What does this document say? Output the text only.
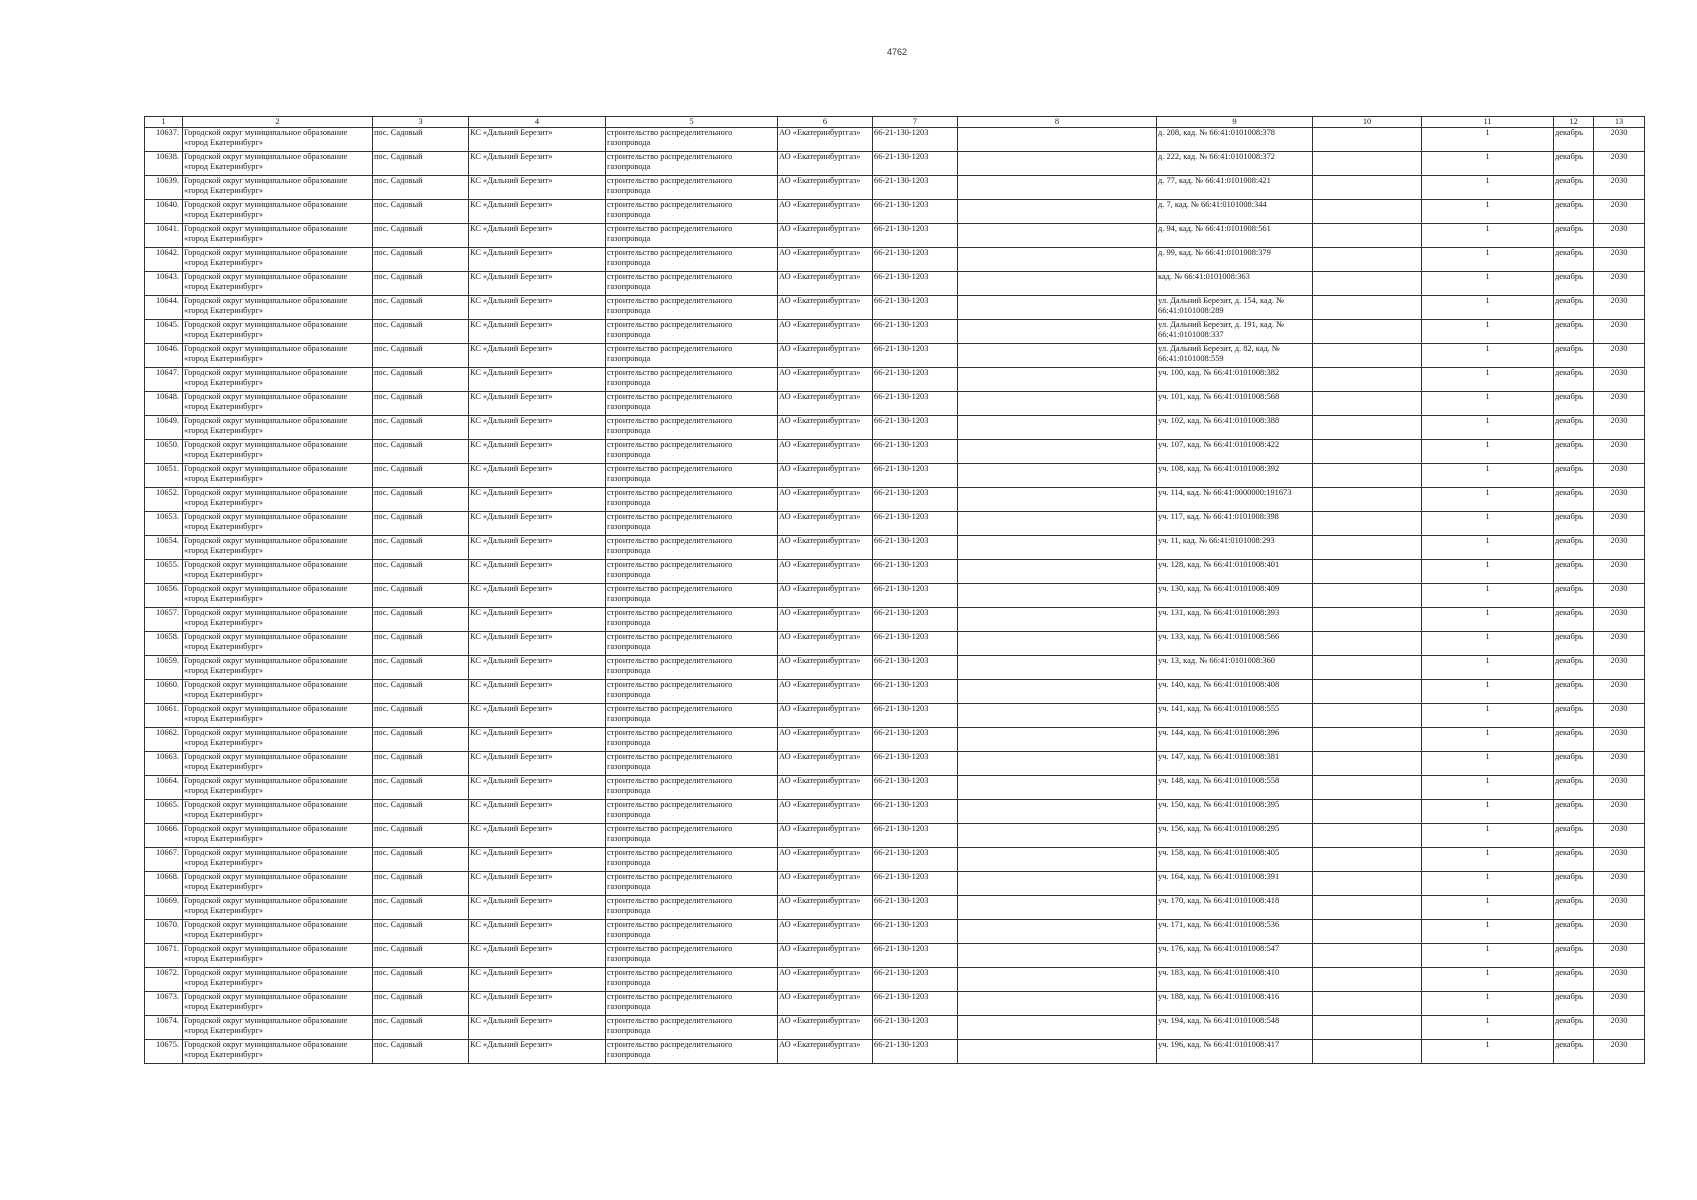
4762
1	2	3	4	5	6	7	8	9	10	11	12	13
10637.	Городской округ муниципальное образование «город Екатеринбург»	пос. Садовый	КС «Дальний Березит»	строительство распределительного газопровода	АО «Екатеринбурггаз»	66-21-130-1203		д. 208, кад. № 66:41:0101008:378		1	декабрь	2030
10638.	Городской округ муниципальное образование «город Екатеринбург»	пос. Садовый	КС «Дальний Березит»	строительство распределительного газопровода	АО «Екатеринбурггаз»	66-21-130-1203		д. 222, кад. № 66:41:0101008:372		1	декабрь	2030
10639.	Городской округ муниципальное образование «город Екатеринбург»	пос. Садовый	КС «Дальний Березит»	строительство распределительного газопровода	АО «Екатеринбурггаз»	66-21-130-1203		д. 77, кад. № 66:41:0101008:421		1	декабрь	2030
10640.	Городской округ муниципальное образование «город Екатеринбург»	пос. Садовый	КС «Дальний Березит»	строительство распределительного газопровода	АО «Екатеринбурггаз»	66-21-130-1203		д. 7, кад. № 66:41:0101008:344		1	декабрь	2030
10641.	Городской округ муниципальное образование «город Екатеринбург»	пос. Садовый	КС «Дальний Березит»	строительство распределительного газопровода	АО «Екатеринбурггаз»	66-21-130-1203		д. 94, кад. № 66:41:0101008:561		1	декабрь	2030
10642.	Городской округ муниципальное образование «город Екатеринбург»	пос. Садовый	КС «Дальний Березит»	строительство распределительного газопровода	АО «Екатеринбурггаз»	66-21-130-1203		д. 99, кад. № 66:41:0101008:379		1	декабрь	2030
10643.	Городской округ муниципальное образование «город Екатеринбург»	пос. Садовый	КС «Дальний Березит»	строительство распределительного газопровода	АО «Екатеринбурггаз»	66-21-130-1203		кад. № 66:41:0101008:363		1	декабрь	2030
10644.	Городской округ муниципальное образование «город Екатеринбург»	пос. Садовый	КС «Дальний Березит»	строительство распределительного газопровода	АО «Екатеринбурггаз»	66-21-130-1203		ул. Дальний Березит, д. 154, кад. № 66:41:0101008:289		1	декабрь	2030
10645.	Городской округ муниципальное образование «город Екатеринбург»	пос. Садовый	КС «Дальний Березит»	строительство распределительного газопровода	АО «Екатеринбурггаз»	66-21-130-1203		ул. Дальний Березит, д. 191, кад. № 66:41:0101008:337		1	декабрь	2030
10646.	Городской округ муниципальное образование «город Екатеринбург»	пос. Садовый	КС «Дальний Березит»	строительство распределительного газопровода	АО «Екатеринбурггаз»	66-21-130-1203		ул. Дальний Березит, д. 82, кад. № 66:41:0101008:559		1	декабрь	2030
10647.	Городской округ муниципальное образование «город Екатеринбург»	пос. Садовый	КС «Дальний Березит»	строительство распределительного газопровода	АО «Екатеринбурггаз»	66-21-130-1203		уч. 100, кад. № 66:41:0101008:382		1	декабрь	2030
10648.	Городской округ муниципальное образование «город Екатеринбург»	пос. Садовый	КС «Дальний Березит»	строительство распределительного газопровода	АО «Екатеринбурггаз»	66-21-130-1203		уч. 101, кад. № 66:41:0101008:568		1	декабрь	2030
10649.	Городской округ муниципальное образование «город Екатеринбург»	пос. Садовый	КС «Дальний Березит»	строительство распределительного газопровода	АО «Екатеринбурггаз»	66-21-130-1203		уч. 102, кад. № 66:41:0101008:388		1	декабрь	2030
10650.	Городской округ муниципальное образование «город Екатеринбург»	пос. Садовый	КС «Дальний Березит»	строительство распределительного газопровода	АО «Екатеринбурггаз»	66-21-130-1203		уч. 107, кад. № 66:41:0101008:422		1	декабрь	2030
10651.	Городской округ муниципальное образование «город Екатеринбург»	пос. Садовый	КС «Дальний Березит»	строительство распределительного газопровода	АО «Екатеринбурггаз»	66-21-130-1203		уч. 108, кад. № 66:41:0101008:392		1	декабрь	2030
10652.	Городской округ муниципальное образование «город Екатеринбург»	пос. Садовый	КС «Дальний Березит»	строительство распределительного газопровода	АО «Екатеринбурггаз»	66-21-130-1203		уч. 114, кад. № 66:41:0000000:191673		1	декабрь	2030
10653.	Городской округ муниципальное образование «город Екатеринбург»	пос. Садовый	КС «Дальний Березит»	строительство распределительного газопровода	АО «Екатеринбурггаз»	66-21-130-1203		уч. 117, кад. № 66:41:0101008:398		1	декабрь	2030
10654.	Городской округ муниципальное образование «город Екатеринбург»	пос. Садовый	КС «Дальний Березит»	строительство распределительного газопровода	АО «Екатеринбурггаз»	66-21-130-1203		уч. 11, кад. № 66:41:0101008:293		1	декабрь	2030
10655.	Городской округ муниципальное образование «город Екатеринбург»	пос. Садовый	КС «Дальний Березит»	строительство распределительного газопровода	АО «Екатеринбурггаз»	66-21-130-1203		уч. 128, кад. № 66:41:0101008:401		1	декабрь	2030
10656.	Городской округ муниципальное образование «город Екатеринбург»	пос. Садовый	КС «Дальний Березит»	строительство распределительного газопровода	АО «Екатеринбурггаз»	66-21-130-1203		уч. 130, кад. № 66:41:0101008:409		1	декабрь	2030
10657.	Городской округ муниципальное образование «город Екатеринбург»	пос. Садовый	КС «Дальний Березит»	строительство распределительного газопровода	АО «Екатеринбурггаз»	66-21-130-1203		уч. 131, кад. № 66:41:0101008:393		1	декабрь	2030
10658.	Городской округ муниципальное образование «город Екатеринбург»	пос. Садовый	КС «Дальний Березит»	строительство распределительного газопровода	АО «Екатеринбурггаз»	66-21-130-1203		уч. 133, кад. № 66:41:0101008:566		1	декабрь	2030
10659.	Городской округ муниципальное образование «город Екатеринбург»	пос. Садовый	КС «Дальний Березит»	строительство распределительного газопровода	АО «Екатеринбурггаз»	66-21-130-1203		уч. 13, кад. № 66:41:0101008:360		1	декабрь	2030
10660.	Городской округ муниципальное образование «город Екатеринбург»	пос. Садовый	КС «Дальний Березит»	строительство распределительного газопровода	АО «Екатеринбурггаз»	66-21-130-1203		уч. 140, кад. № 66:41:0101008:408		1	декабрь	2030
10661.	Городской округ муниципальное образование «город Екатеринбург»	пос. Садовый	КС «Дальний Березит»	строительство распределительного газопровода	АО «Екатеринбурггаз»	66-21-130-1203		уч. 141, кад. № 66:41:0101008:555		1	декабрь	2030
10662.	Городской округ муниципальное образование «город Екатеринбург»	пос. Садовый	КС «Дальний Березит»	строительство распределительного газопровода	АО «Екатеринбурггаз»	66-21-130-1203		уч. 144, кад. № 66:41:0101008:396		1	декабрь	2030
10663.	Городской округ муниципальное образование «город Екатеринбург»	пос. Садовый	КС «Дальний Березит»	строительство распределительного газопровода	АО «Екатеринбурггаз»	66-21-130-1203		уч. 147, кад. № 66:41:0101008:381		1	декабрь	2030
10664.	Городской округ муниципальное образование «город Екатеринбург»	пос. Садовый	КС «Дальний Березит»	строительство распределительного газопровода	АО «Екатеринбурггаз»	66-21-130-1203		уч. 148, кад. № 66:41:0101008:558		1	декабрь	2030
10665.	Городской округ муниципальное образование «город Екатеринбург»	пос. Садовый	КС «Дальний Березит»	строительство распределительного газопровода	АО «Екатеринбурггаз»	66-21-130-1203		уч. 150, кад. № 66:41:0101008:395		1	декабрь	2030
10666.	Городской округ муниципальное образование «город Екатеринбург»	пос. Садовый	КС «Дальний Березит»	строительство распределительного газопровода	АО «Екатеринбурггаз»	66-21-130-1203		уч. 156, кад. № 66:41:0101008:295		1	декабрь	2030
10667.	Городской округ муниципальное образование «город Екатеринбург»	пос. Садовый	КС «Дальний Березит»	строительство распределительного газопровода	АО «Екатеринбурггаз»	66-21-130-1203		уч. 158, кад. № 66:41:0101008:405		1	декабрь	2030
10668.	Городской округ муниципальное образование «город Екатеринбург»	пос. Садовый	КС «Дальний Березит»	строительство распределительного газопровода	АО «Екатеринбурггаз»	66-21-130-1203		уч. 164, кад. № 66:41:0101008:391		1	декабрь	2030
10669.	Городской округ муниципальное образование «город Екатеринбург»	пос. Садовый	КС «Дальний Березит»	строительство распределительного газопровода	АО «Екатеринбурггаз»	66-21-130-1203		уч. 170, кад. № 66:41:0101008:418		1	декабрь	2030
10670.	Городской округ муниципальное образование «город Екатеринбург»	пос. Садовый	КС «Дальний Березит»	строительство распределительного газопровода	АО «Екатеринбурггаз»	66-21-130-1203		уч. 171, кад. № 66:41:0101008:536		1	декабрь	2030
10671.	Городской округ муниципальное образование «город Екатеринбург»	пос. Садовый	КС «Дальний Березит»	строительство распределительного газопровода	АО «Екатеринбурггаз»	66-21-130-1203		уч. 176, кад. № 66:41:0101008:547		1	декабрь	2030
10672.	Городской округ муниципальное образование «город Екатеринбург»	пос. Садовый	КС «Дальний Березит»	строительство распределительного газопровода	АО «Екатеринбурггаз»	66-21-130-1203		уч. 183, кад. № 66:41:0101008:410		1	декабрь	2030
10673.	Городской округ муниципальное образование «город Екатеринбург»	пос. Садовый	КС «Дальний Березит»	строительство распределительного газопровода	АО «Екатеринбурггаз»	66-21-130-1203		уч. 188, кад. № 66:41:0101008:416		1	декабрь	2030
10674.	Городской округ муниципальное образование «город Екатеринбург»	пос. Садовый	КС «Дальний Березит»	строительство распределительного газопровода	АО «Екатеринбурггаз»	66-21-130-1203		уч. 194, кад. № 66:41:0101008:548		1	декабрь	2030
10675.	Городской округ муниципальное образование «город Екатеринбург»	пос. Садовый	КС «Дальний Березит»	строительство распределительного газопровода	АО «Екатеринбурггаз»	66-21-130-1203		уч. 196, кад. № 66:41:0101008:417		1	декабрь	2030
